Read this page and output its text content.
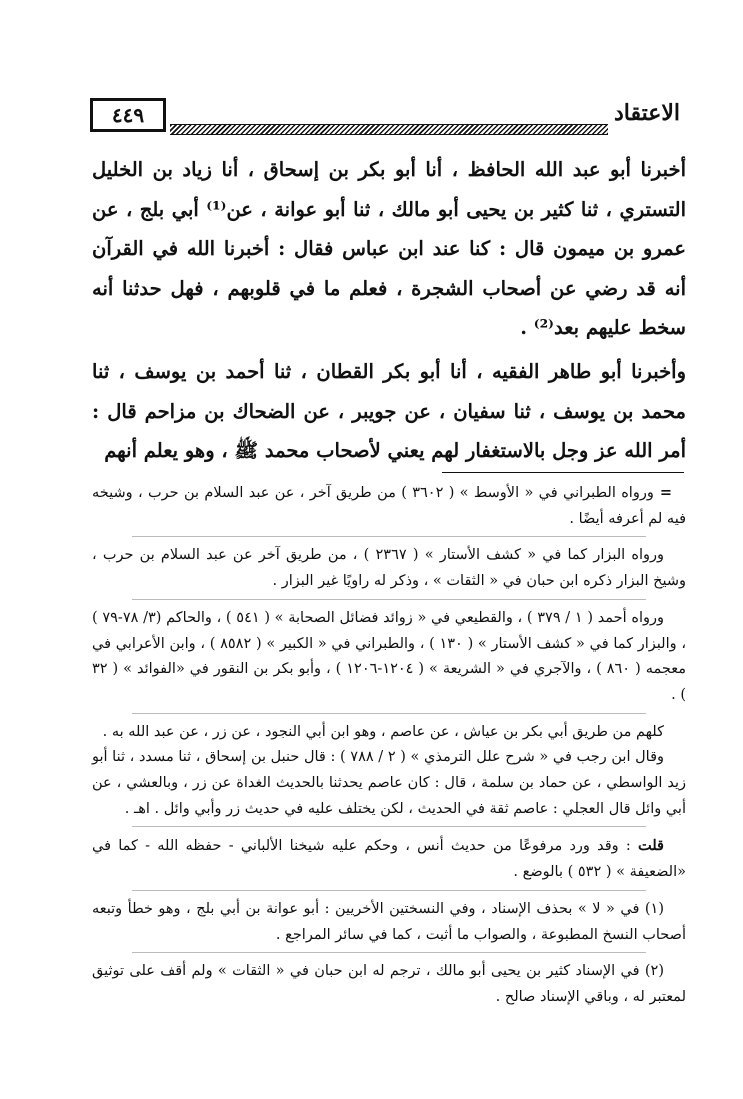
٤٤٩	الاعتقاد

أخبرنا أبو عبد الله الحافظ ، أنا أبو بكر بن إسحاق ، أنا زياد بن الخليل التستري ، ثنا كثير بن يحيى أبو مالك ، ثنا أبو عوانة ، عن⁽¹⁾ أبي بلج ، عن عمرو بن ميمون قال : كنا عند ابن عباس فقال : أخبرنا الله في القرآن أنه قد رضي عن أصحاب الشجرة ، فعلم ما في قلوبهم ، فهل حدثنا أنه سخط عليهم بعد⁽²⁾ .

وأخبرنا أبو طاهر الفقيه ، أنا أبو بكر القطان ، ثنا أحمد بن يوسف ، ثنا محمد بن يوسف ، ثنا سفيان ، عن جويبر ، عن الضحاك بن مزاحم قال : أمر الله عز وجل بالاستغفار لهم يعني لأصحاب محمد ﷺ ، وهو يعلم أنهم

=ورواه الطبراني في « الأوسط » ( ٣٦٠٢ ) من طريق آخر ، عن عبد السلام بن حرب ، وشيخه فيه لم أعرفه أيضًا .

ورواه البزار كما في « كشف الأستار » ( ٢٣٦٧ ) ، من طريق آخر عن عبد السلام بن حرب ، وشيخ البزار ذكره ابن حبان في « الثقات » ، وذكر له راويًا غير البزار .

ورواه أحمد ( ١ / ٣٧٩ ) ، والقطيعي في « زوائد فضائل الصحابة » ( ٥٤١ ) ، والحاكم (٣/ ٧٨-٧٩ ) ، والبزار كما في « كشف الأستار » ( ١٣٠ ) ، والطبراني في « الكبير » ( ٨٥٨٢ ) ، وابن الأعرابي في معجمه ( ٨٦٠ ) ، والآجري في « الشريعة » ( ١٢٠٤-١٢٠٦ ) ، وأبو بكر بن النقور في «الفوائد » ( ٣٢ ) .

كلهم من طريق أبي بكر بن عياش ، عن عاصم ، وهو ابن أبي النجود ، عن زر ، عن عبد الله به .

وقال ابن رجب في « شرح علل الترمذي » ( ٢ / ٧٨٨ ) : قال حنبل بن إسحاق ، ثنا مسدد ، ثنا أبو زيد الواسطي ، عن حماد بن سلمة ، قال : كان عاصم يحدثنا بالحديث الغداة عن زر ، وبالعشي ، عن أبي وائل قال العجلي : عاصم ثقة في الحديث ، لكن يختلف عليه في حديث زر وأبي وائل . اهـ .

قلت : وقد ورد مرفوعًا من حديث أنس ، وحكم عليه شيخنا الألباني - حفظه الله - كما في «الضعيفة » ( ٥٣٢ ) بالوضع .

(١) في « لا » بحذف الإسناد ، وفي النسختين الأخريين : أبو عوانة بن أبي بلج ، وهو خطأ وتبعه أصحاب النسخ المطبوعة ، والصواب ما أثبت ، كما في سائر المراجع .

(٢) في الإسناد كثير بن يحيى أبو مالك ، ترجم له ابن حبان في « الثقات » ولم أقف على توثيق لمعتبر له ، وباقي الإسناد صالح .
